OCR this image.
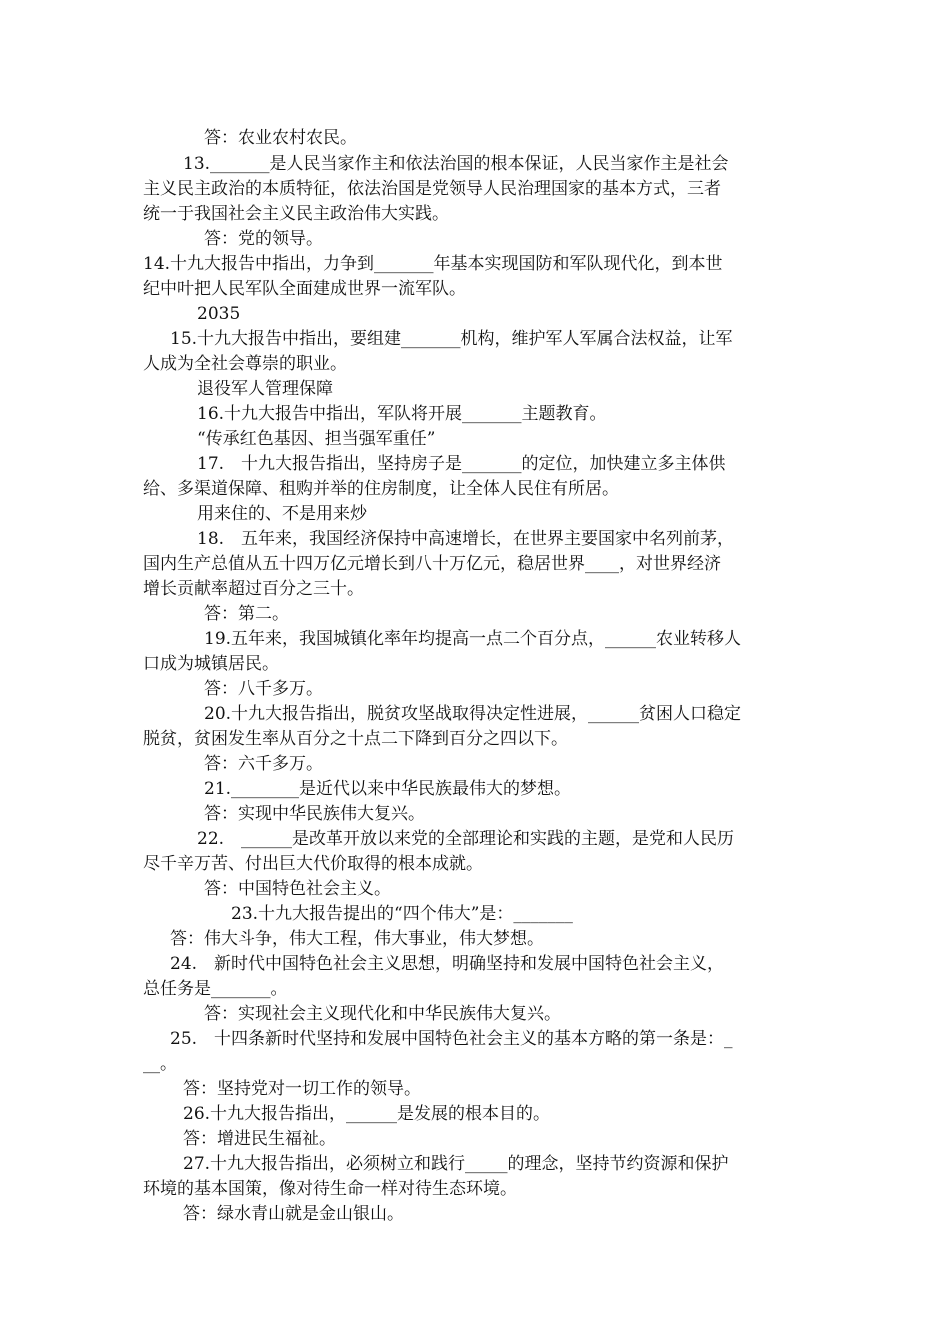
答：农业农村农民。
13._______是人民当家作主和依法治国的根本保证，人民当家作主是社会
主义民主政治的本质特征，依法治国是党领导人民治理国家的基本方式，三者
统一于我国社会主义民主政治伟大实践。
答：党的领导。
14.十九大报告中指出，力争到_______年基本实现国防和军队现代化，到本世
纪中叶把人民军队全面建成世界一流军队。
2035
15.十九大报告中指出，要组建_______机构，维护军人军属合法权益，让军
人成为全社会尊崇的职业。
退役军人管理保障
16.十九大报告中指出，军队将开展_______主题教育。
“传承红色基因、担当强军重任”
17.　十九大报告指出，坚持房子是_______的定位，加快建立多主体供
给、多渠道保障、租购并举的住房制度，让全体人民住有所居。
用来住的、不是用来炒
18.　五年来，我国经济保持中高速增长，在世界主要国家中名列前茅，
国内生产总值从五十四万亿元增长到八十万亿元，稳居世界____，对世界经济
增长贡献率超过百分之三十。
答：第二。
19.五年来，我国城镇化率年均提高一点二个百分点，______农业转移人
口成为城镇居民。
答：八千多万。
20.十九大报告指出，脱贫攻坚战取得决定性进展，______贫困人口稳定
脱贫，贫困发生率从百分之十点二下降到百分之四以下。
答：六千多万。
21.________是近代以来中华民族最伟大的梦想。
答：实现中华民族伟大复兴。
22.　______是改革开放以来党的全部理论和实践的主题，是党和人民历
尽千辛万苦、付出巨大代价取得的根本成就。
答：中国特色社会主义。
23.十九大报告提出的“四个伟大”是：_______
答：伟大斗争，伟大工程，伟大事业，伟大梦想。
24.　新时代中国特色社会主义思想，明确坚持和发展中国特色社会主义，
总任务是_______。
答：实现社会主义现代化和中华民族伟大复兴。
25.　十四条新时代坚持和发展中国特色社会主义的基本方略的第一条是：_
__。
答：坚持党对一切工作的领导。
26.十九大报告指出，______是发展的根本目的。
答：增进民生福祉。
27.十九大报告指出，必须树立和践行_____的理念，坚持节约资源和保护
环境的基本国策，像对待生命一样对待生态环境。
答：绿水青山就是金山银山。
